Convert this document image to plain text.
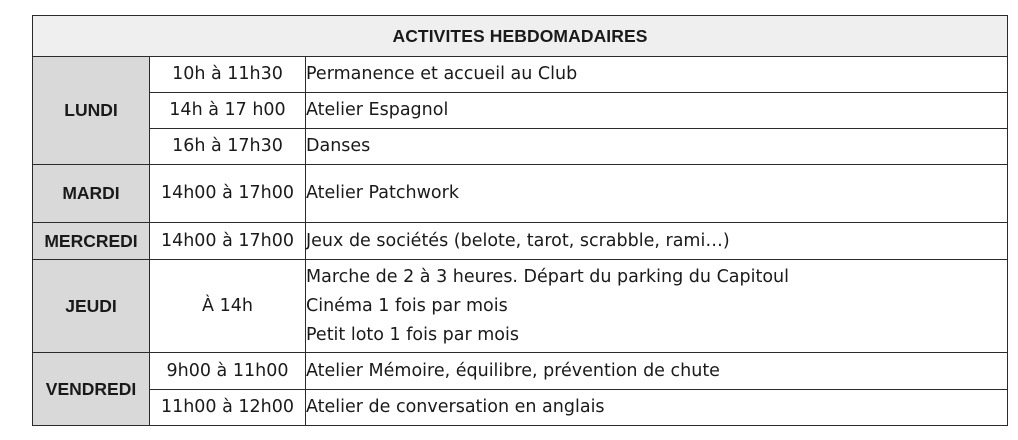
ACTIVITES HEBDOMADAIRES		
LUNDI	10h à 11h30	Permanence et accueil au Club
	14h à 17 h00	Atelier Espagnol
	16h à 17h30	Danses
MARDI	14h00 à 17h00	Atelier Patchwork
MERCREDI	14h00 à 17h00	Jeux de sociétés (belote, tarot, scrabble, rami…)
JEUDI	À 14h	Marche de 2 à 3 heures. Départ du parking du Capitoul
Cinéma 1 fois par mois
Petit loto 1 fois par mois

VENDREDI	9h00 à 11h00	Atelier Mémoire, équilibre, prévention de chute
	11h00 à 12h00	Atelier de conversation en anglais
